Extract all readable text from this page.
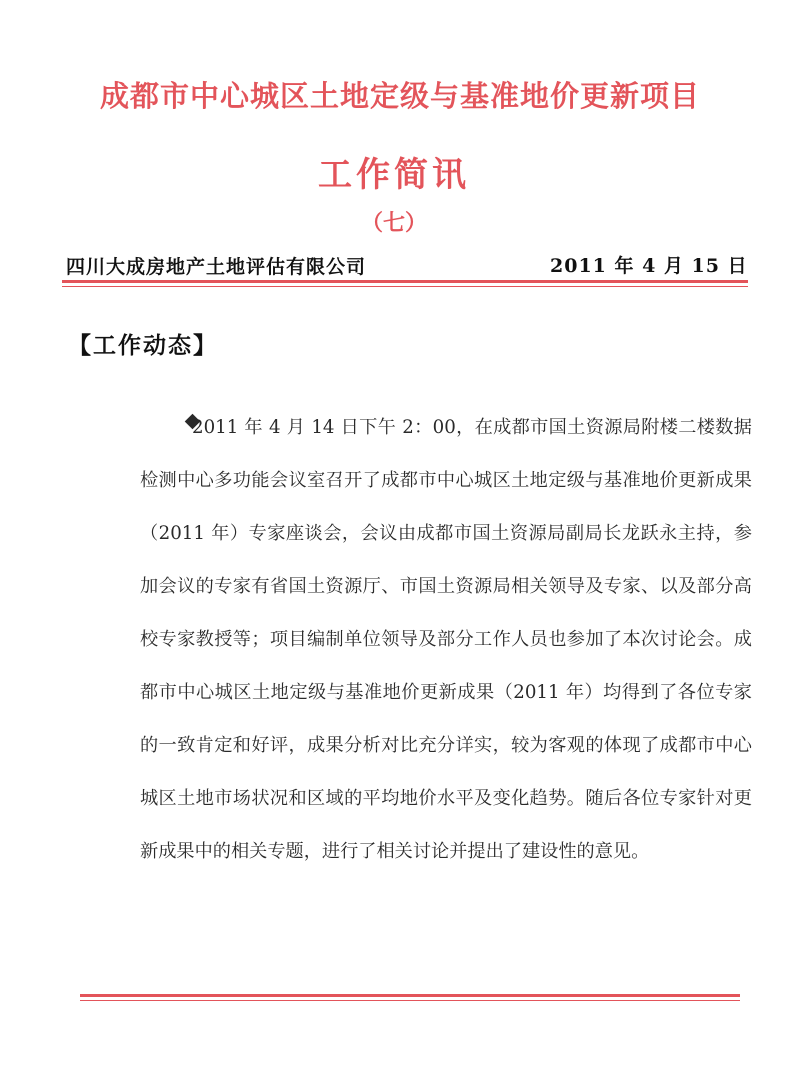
成都市中心城区土地定级与基准地价更新项目
工作简讯
（七）
四川大成房地产土地评估有限公司	2011 年 4 月 15 日
【工作动态】

2011 年 4 月 14 日下午 2：00，在成都市国土资源局附楼二楼数据检测中心多功能会议室召开了成都市中心城区土地定级与基准地价更新成果（2011 年）专家座谈会，会议由成都市国土资源局副局长龙跃永主持，参加会议的专家有省国土资源厅、市国土资源局相关领导及专家、以及部分高校专家教授等；项目编制单位领导及部分工作人员也参加了本次讨论会。成都市中心城区土地定级与基准地价更新成果（2011 年）均得到了各位专家的一致肯定和好评，成果分析对比充分详实，较为客观的体现了成都市中心城区土地市场状况和区域的平均地价水平及变化趋势。随后各位专家针对更新成果中的相关专题，进行了相关讨论并提出了建设性的意见。
